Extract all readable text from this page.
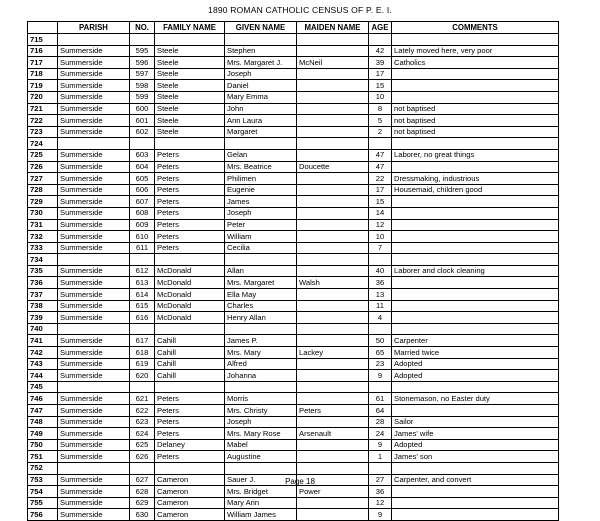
1890 ROMAN CATHOLIC CENSUS OF P. E. I.
	PARISH	NO.	FAMILY NAME	GIVEN NAME	MAIDEN NAME	AGE	COMMENTS
715							
716	Summerside	595	Steele	Stephen		42	Lately moved here, very poor
717	Summerside	596	Steele	Mrs. Margaret J.	McNeil	39	Catholics
718	Summerside	597	Steele	Joseph		17	
719	Summerside	598	Steele	Daniel		15	
720	Summerside	599	Steele	Mary Emma		10	
721	Summerside	600	Steele	John		8	not baptised
722	Summerside	601	Steele	Ann Laura		5	not baptised
723	Summerside	602	Steele	Margaret		2	not baptised
724							
725	Summerside	603	Peters	Gelan		47	Laborer, no great things
726	Summerside	604	Peters	Mrs. Beatrice	Doucette	47	
727	Summerside	605	Peters	Philimen		22	Dressmaking, industrious
728	Summerside	606	Peters	Eugenie		17	Housemaid, children good
729	Summerside	607	Peters	James		15	
730	Summerside	608	Peters	Joseph		14	
731	Summerside	609	Peters	Peter		12	
732	Summerside	610	Peters	William		10	
733	Summerside	611	Peters	Cecilia		7	
734							
735	Summerside	612	McDonald	Allan		40	Laborer and clock cleaning
736	Summerside	613	McDonald	Mrs. Margaret	Walsh	36	
737	Summerside	614	McDonald	Ella May		13	
738	Summerside	615	McDonald	Charles		11	
739	Summerside	616	McDonald	Henry Allan		4	
740							
741	Summerside	617	Cahill	James P.		50	Carpenter
742	Summerside	618	Cahill	Mrs. Mary	Lackey	65	Married twice
743	Summerside	619	Cahill	Alfred		23	Adopted
744	Summerside	620	Cahill	Johanna		9	Adopted
745							
746	Summerside	621	Peters	Morris		61	Stonemason, no Easter duty
747	Summerside	622	Peters	Mrs. Christy	Peters	64	
748	Summerside	623	Peters	Joseph		28	Sailor
749	Summerside	624	Peters	Mrs. Mary Rose	Arsenault	24	James' wife
750	Summerside	625	Delaney	Mabel		9	Adopted
751	Summerside	626	Peters	Augustine		1	James' son
752							
753	Summerside	627	Cameron	Sauer J.		27	Carpenter, and convert
754	Summerside	628	Cameron	Mrs. Bridget	Power	36	
755	Summerside	629	Cameron	Mary Ann		12	
756	Summerside	630	Cameron	William James		9	
Page 18
